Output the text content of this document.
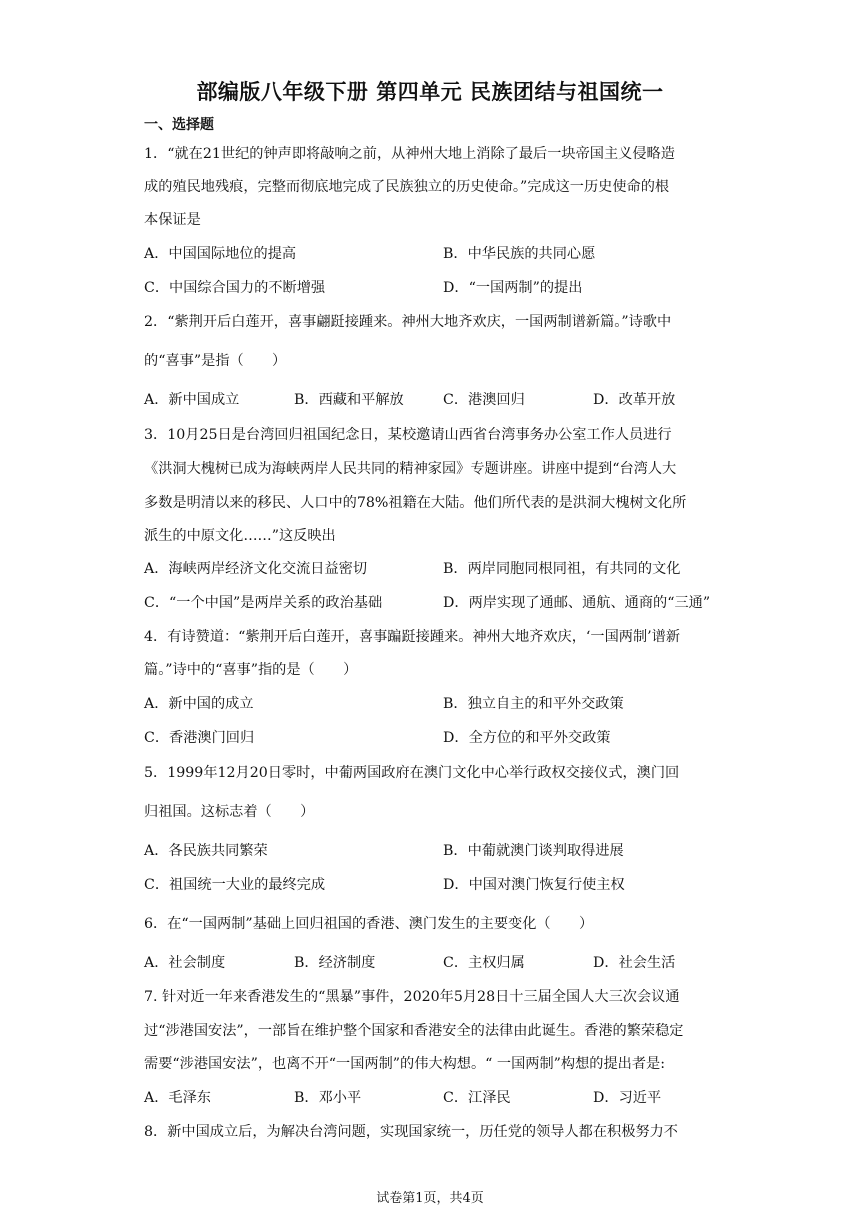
部编版八年级下册 第四单元 民族团结与祖国统一
一、选择题
1．“就在21世纪的钟声即将敲响之前，从神州大地上消除了最后一块帝国主义侵略造
成的殖民地残痕，完整而彻底地完成了民族独立的历史使命。”完成这一历史使命的根
本保证是
A．中国国际地位的提高	B．中华民族的共同心愿
C．中国综合国力的不断增强	D．“一国两制”的提出
2．“紫荆开后白莲开，喜事翩跹接踵来。神州大地齐欢庆，一国两制谱新篇。”诗歌中
的“喜事”是指（　　）
A．新中国成立	B．西藏和平解放	C．港澳回归	D．改革开放
3．10月25日是台湾回归祖国纪念日，某校邀请山西省台湾事务办公室工作人员进行
《洪洞大槐树已成为海峡两岸人民共同的精神家园》专题讲座。讲座中提到“台湾人大
多数是明清以来的移民、人口中的78%祖籍在大陆。他们所代表的是洪洞大槐树文化所
派生的中原文化……”这反映出
A．海峡两岸经济文化交流日益密切	B．两岸同胞同根同祖，有共同的文化
C．“一个中国”是两岸关系的政治基础	D．两岸实现了通邮、通航、通商的“三通”
4．有诗赞道：“紫荆开后白莲开，喜事蹁跹接踵来。神州大地齐欢庆，‘一国两制’谱新
篇。”诗中的“喜事”指的是（　　）
A．新中国的成立	B．独立自主的和平外交政策
C．香港澳门回归	D．全方位的和平外交政策
5．1999年12月20日零时，中葡两国政府在澳门文化中心举行政权交接仪式，澳门回
归祖国。这标志着（　　）
A．各民族共同繁荣	B．中葡就澳门谈判取得进展
C．祖国统一大业的最终完成	D．中国对澳门恢复行使主权
6．在“一国两制”基础上回归祖国的香港、澳门发生的主要变化（　　）
A．社会制度	B．经济制度	C．主权归属	D．社会生活
7. 针对近一年来香港发生的“黑暴”事件，2020年5月28日十三届全国人大三次会议通
过“涉港国安法”，一部旨在维护整个国家和香港安全的法律由此诞生。香港的繁荣稳定
需要“涉港国安法”，也离不开“一国两制”的伟大构想。“ 一国两制”构想的提出者是:
A．毛泽东	B．邓小平	C．江泽民	D．习近平
8．新中国成立后，为解决台湾问题，实现国家统一，历任党的领导人都在积极努力不
试卷第1页，共4页
